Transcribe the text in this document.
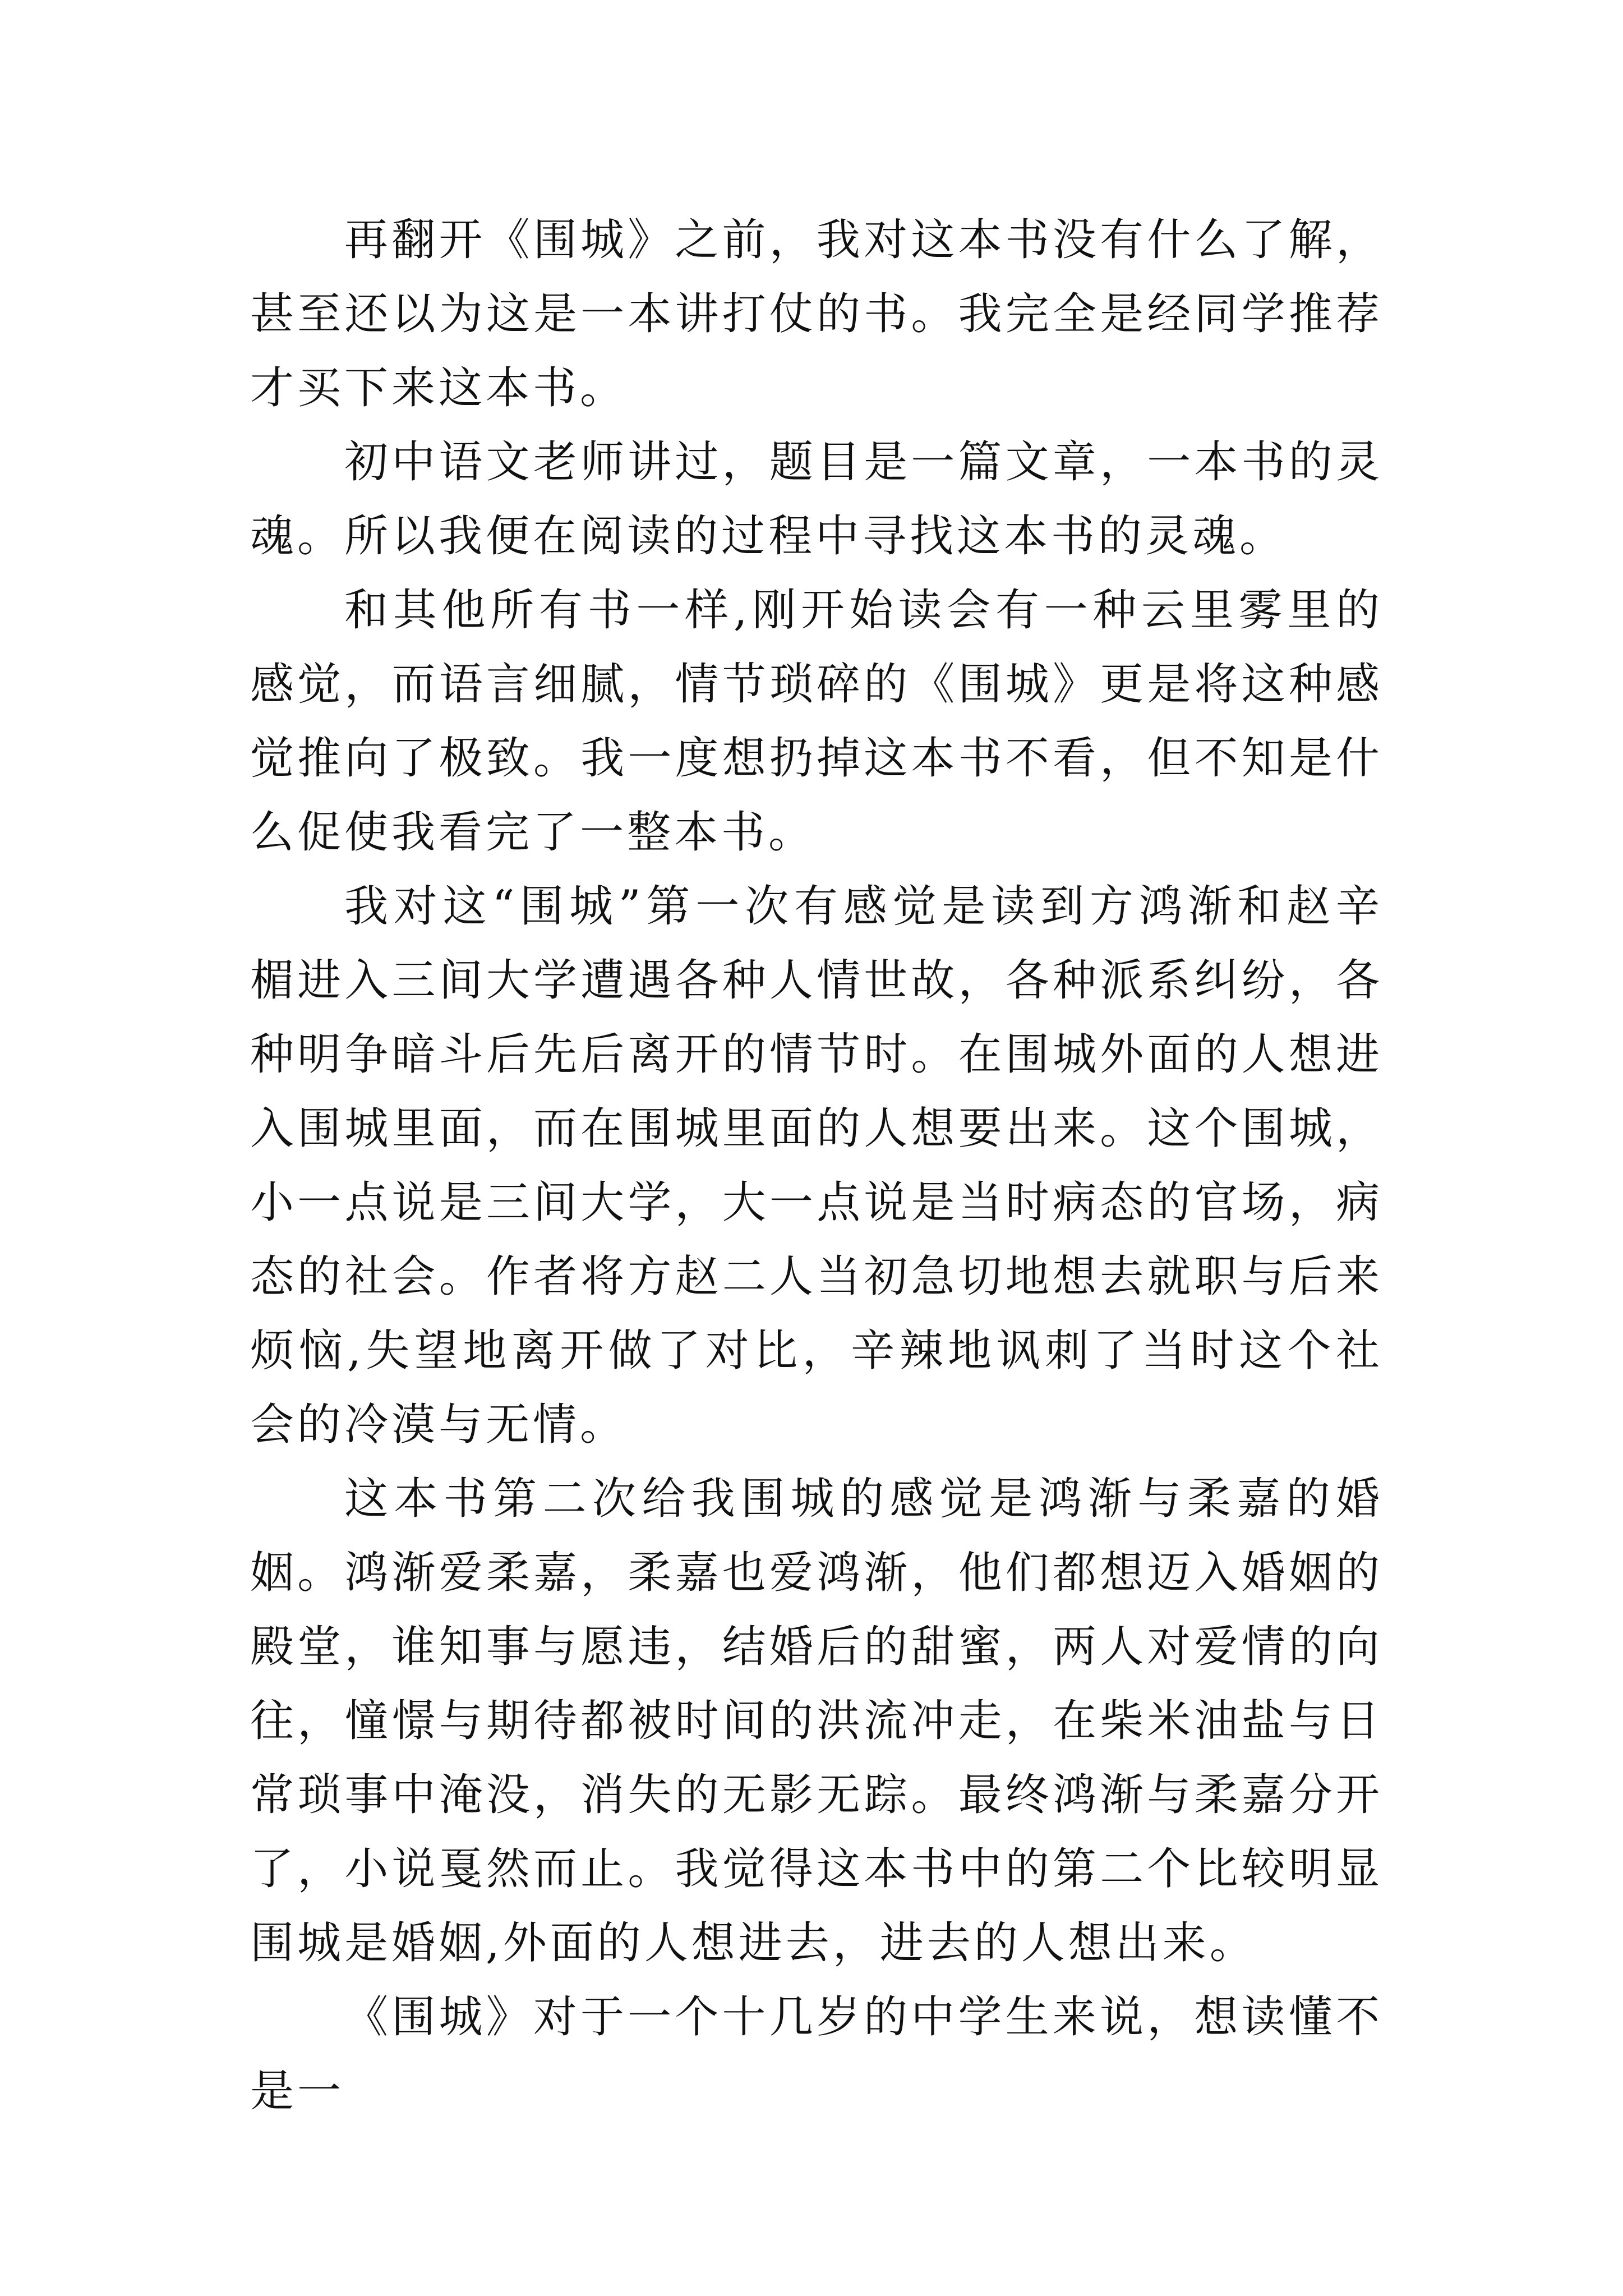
再翻开《围城》之前，我对这本书没有什么了解，甚至还以为这是一本讲打仗的书。我完全是经同学推荐才买下来这本书。

初中语文老师讲过，题目是一篇文章，一本书的灵魂。所以我便在阅读的过程中寻找这本书的灵魂。

和其他所有书一样,刚开始读会有一种云里雾里的感觉，而语言细腻，情节琐碎的《围城》更是将这种感觉推向了极致。我一度想扔掉这本书不看，但不知是什么促使我看完了一整本书。

我对这“围城”第一次有感觉是读到方鸿渐和赵辛楣进入三间大学遭遇各种人情世故，各种派系纠纷，各种明争暗斗后先后离开的情节时。在围城外面的人想进入围城里面，而在围城里面的人想要出来。这个围城，小一点说是三间大学，大一点说是当时病态的官场，病态的社会。作者将方赵二人当初急切地想去就职与后来烦恼,失望地离开做了对比，辛辣地讽刺了当时这个社会的冷漠与无情。

这本书第二次给我围城的感觉是鸿渐与柔嘉的婚姻。鸿渐爱柔嘉，柔嘉也爱鸿渐，他们都想迈入婚姻的殿堂，谁知事与愿违，结婚后的甜蜜，两人对爱情的向往，憧憬与期待都被时间的洪流冲走，在柴米油盐与日常琐事中淹没，消失的无影无踪。最终鸿渐与柔嘉分开了，小说戛然而止。我觉得这本书中的第二个比较明显围城是婚姻,外面的人想进去，进去的人想出来。

《围城》对于一个十几岁的中学生来说，想读懂不是一
